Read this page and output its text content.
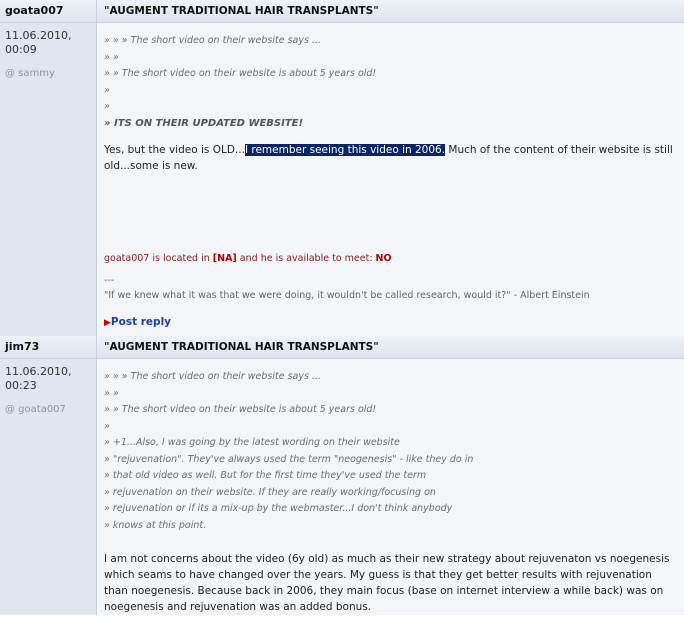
goata007
11.06.2010,
00:09
@ sammy
"AUGMENT TRADITIONAL HAIR TRANSPLANTS"
» » » The short video on their website says ...
» »
» » The short video on their website is about 5 years old!
»
»
» ITS ON THEIR UPDATED WEBSITE!
Yes, but the video is OLD...I remember seeing this video in 2006. Much of the content of their website is still old...some is new.
goata007 is located in [NA] and he is available to meet: NO
---
"If we knew what it was that we were doing, it wouldn't be called research, would it?" - Albert Einstein
▶Post reply
jim73
11.06.2010,
00:23
@ goata007
"AUGMENT TRADITIONAL HAIR TRANSPLANTS"
» » » The short video on their website says ...
» »
» » The short video on their website is about 5 years old!
»
» +1...Also, I was going by the latest wording on their website
» "rejuvenation". They've always used the term "neogenesis" - like they do in
» that old video as well. But for the first time they've used the term
» rejuvenation on their website. If they are really working/focusing on
» rejuvenation or if its a mix-up by the webmaster...I don't think anybody
» knows at this point.
I am not concerns about the video (6y old) as much as their new strategy about rejuvenaton vs noegenesis which seams to have changed over the years. My guess is that they get better results with rejuvenation than noegenesis. Because back in 2006, they main focus (base on internet interview a while back) was on noegenesis and rejuvenation was an added bonus.
